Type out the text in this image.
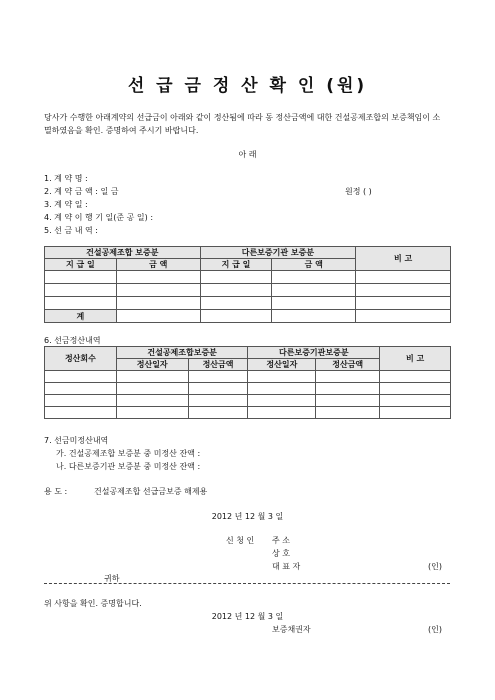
선 급 금 정 산 확 인 (원)
당사가 수행한 아래계약의 선급금이 아래와 같이 정산됨에 따라 동 정산금액에 대한 건설공제조합의 보증책임이 소멸하였음을 확인. 증명하여 주시기 바랍니다.
아 래
1. 계 약 명 :
2. 계 약 금 액 : 일 금	원정 ( )
3. 계 약 일 :
4. 계 약 이 행 기 일(준 공 일) :
5. 선 금 내 역 :
건설공제조합 보증분		다른보증기관 보증분		비 고
지 급 일	금 액	지 급 일	금 액	

계				
6. 선금정산내역
정산회수	건설공제조합보증분		다른보증기관보증분		비 고
	정산일자	정산금액	정산일자	정산금액	

7. 선금미정산내역
가. 건설공제조합 보증분 중 미정산 잔액 :
나. 다른보증기관 보증분 중 미정산 잔액 :
용 도 :	건설공제조합 선급금보증 해제용
2012 년 12 월 3 일
신 청 인 주 소
상 호
대 표 자	(인)
귀하
위 사항을 확인. 증명합니다.
2012 년 12 월 3 일
보증채권자	(인)
